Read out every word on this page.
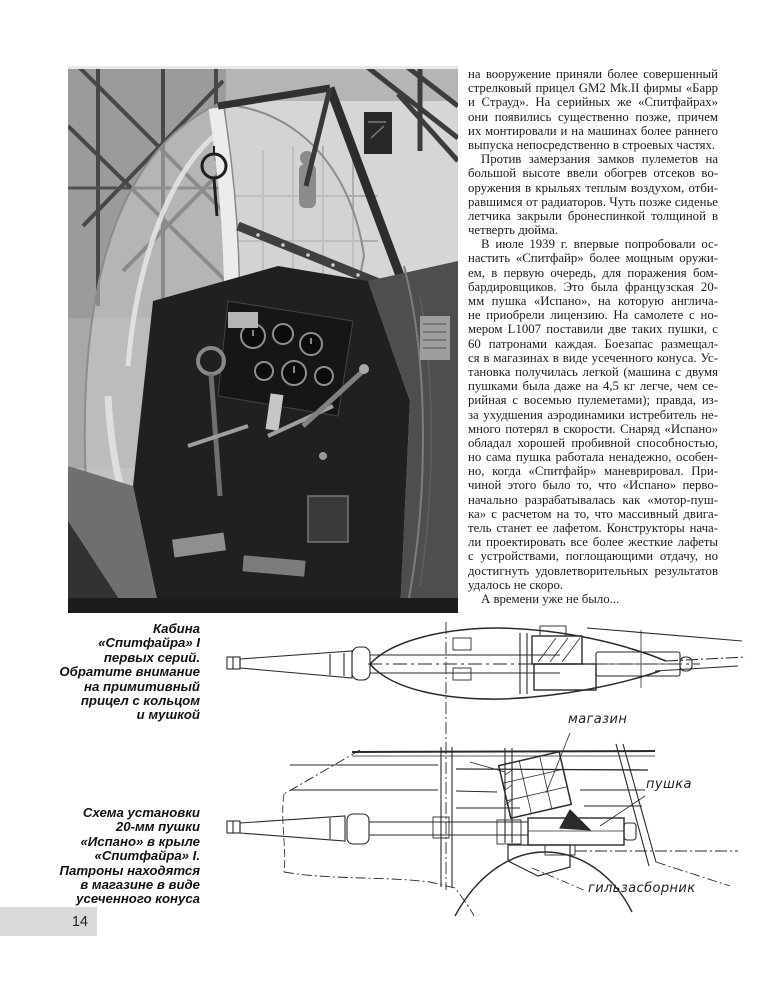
на вооружение приняли более совершенный
стрелковый прицел GM2 Mk.II фирмы «Барр
и Страуд». На серийных же «Спитфайрах»
они появились существенно позже, причем
их монтировали и на машинах более раннего
выпуска непосредственно в строевых частях.
Против замерзания замков пулеметов на
большой высоте ввели обогрев отсеков во-
оружения в крыльях теплым воздухом, отби-
равшимся от радиаторов. Чуть позже сиденье
летчика закрыли бронеспинкой толщиной в
четверть дюйма.
В июле 1939 г. впервые попробовали ос-
настить «Спитфайр» более мощным оружи-
ем, в первую очередь, для поражения бом-
бардировщиков. Это была французская 20-
мм пушка «Испано», на которую англича-
не приобрели лицензию. На самолете с но-
мером L1007 поставили две таких пушки, с
60 патронами каждая. Боезапас размещал-
ся в магазинах в виде усеченного конуса. Ус-
тановка получилась легкой (машина с двумя
пушками была даже на 4,5 кг легче, чем се-
рийная с восемью пулеметами); правда, из-
за ухудшения аэродинамики истребитель не-
много потерял в скорости. Снаряд «Испано»
обладал хорошей пробивной способностью,
но сама пушка работала ненадежно, особен-
но, когда «Спитфайр» маневрировал. При-
чиной этого было то, что «Испано» перво-
начально разрабатывалась как «мотор-пуш-
ка» с расчетом на то, что массивный двига-
тель станет ее лафетом. Конструкторы нача-
ли проектировать все более жесткие лафеты
с устройствами, поглощающими отдачу, но
достигнуть удовлетворительных результатов
удалось не скоро.
А времени уже не было...
Кабина
«Спитфайра» I
первых серий.
Обратите внимание
на примитивный
прицел с кольцом
и мушкой
Схема установки
20-мм пушки
«Испано» в крыле
«Спитфайра» I.
Патроны находятся
в магазине в виде
усеченного конуса
магазин
пушка
гильзасборник
14
